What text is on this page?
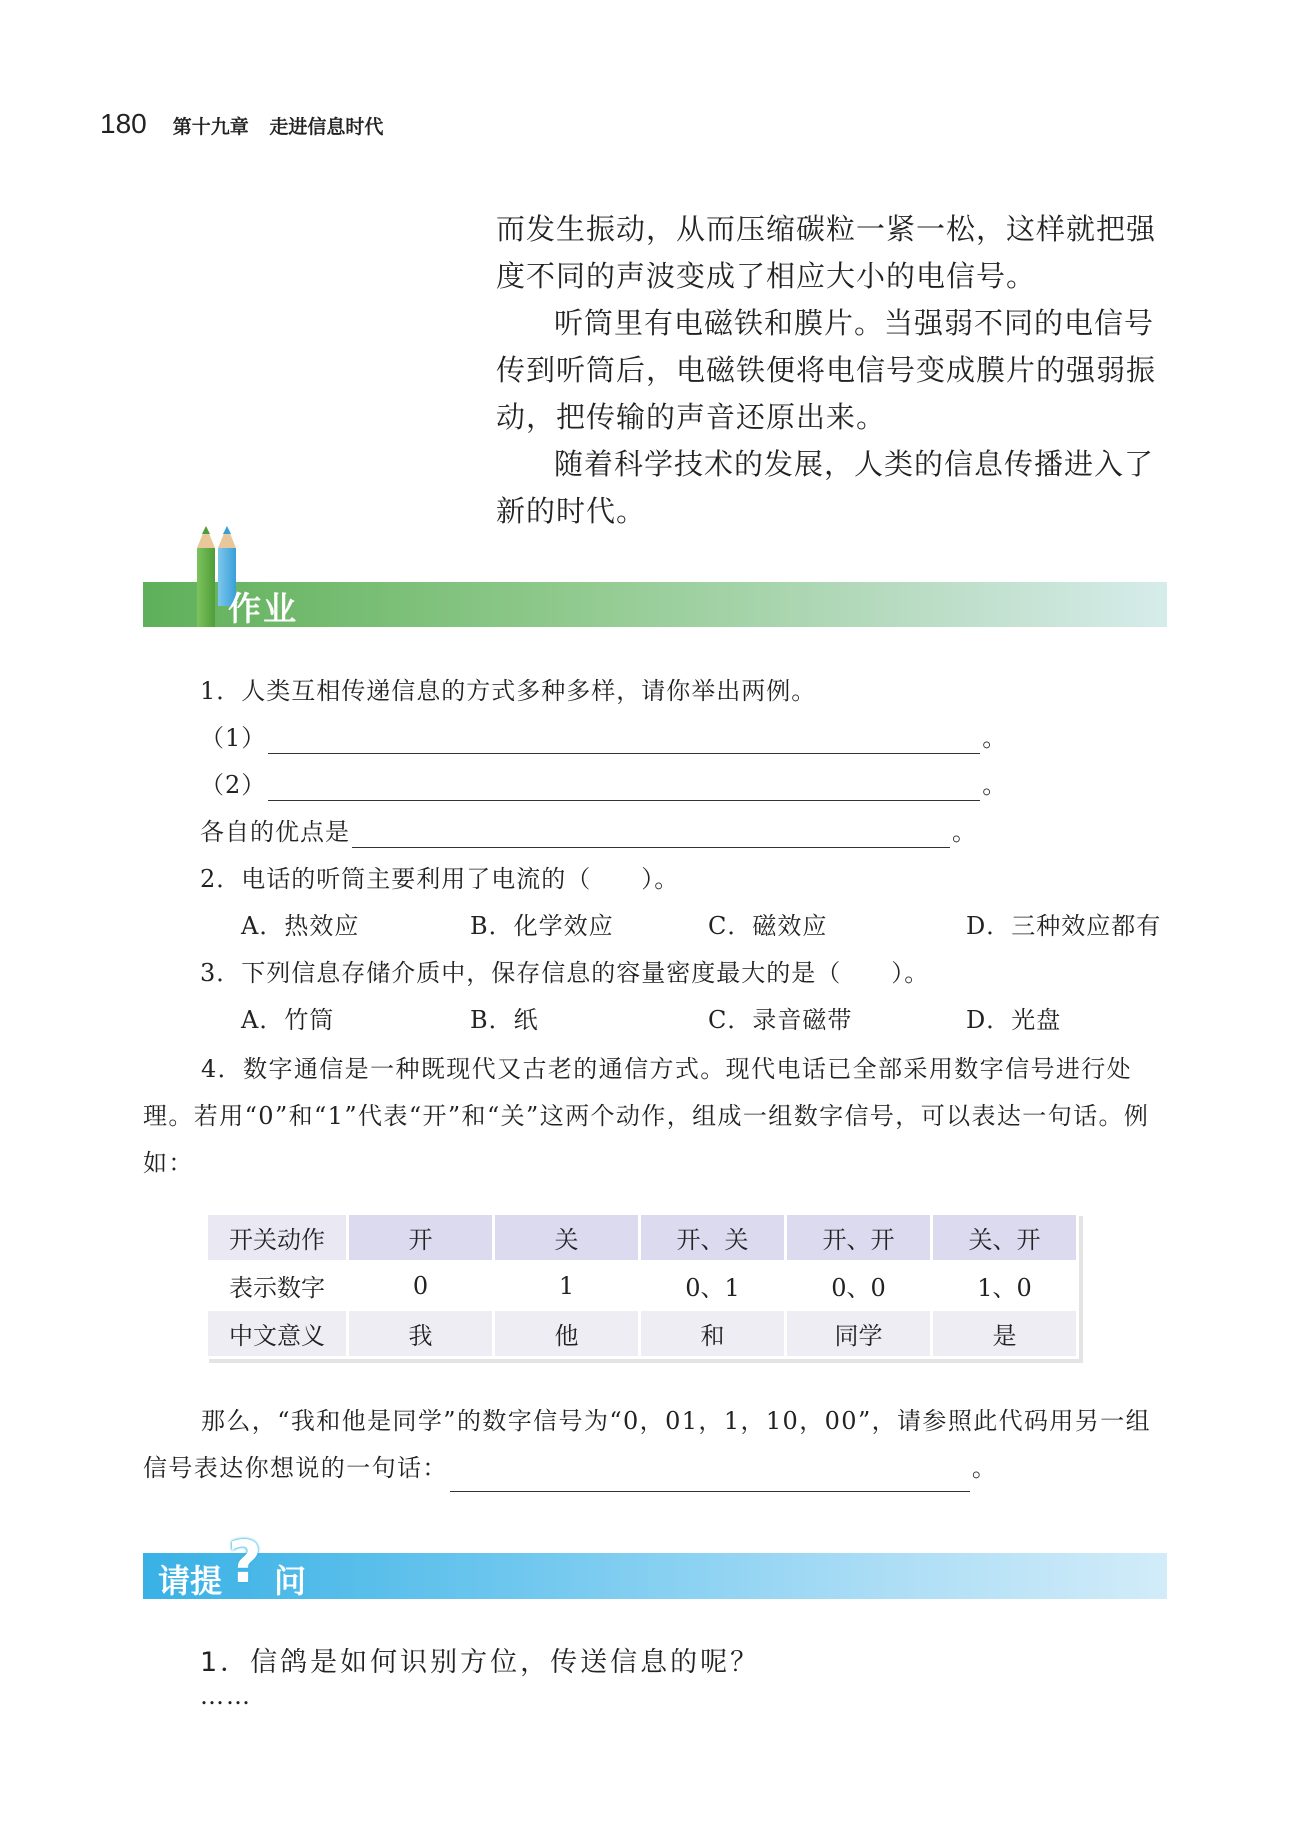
180 第十九章 走进信息时代

而发生振动，从而压缩碳粒一紧一松，这样就把强度不同的声波变成了相应大小的电信号。

听筒里有电磁铁和膜片。当强弱不同的电信号传到听筒后，电磁铁便将电信号变成膜片的强弱振动，把传输的声音还原出来。

随着科学技术的发展，人类的信息传播进入了新的时代。

作业

1．人类互相传递信息的方式多种多样，请你举出两例。

（1）	。

（2）	。

各自的优点是	。

2．电话的听筒主要利用了电流的（　　）。

A．热效应	B．化学效应	C．磁效应	D．三种效应都有

3．下列信息存储介质中，保存信息的容量密度最大的是（　　）。

A．竹筒	B．纸	C．录音磁带	D．光盘

4．数字通信是一种既现代又古老的通信方式。现代电话已全部采用数字信号进行处理。若用“0”和“1”代表“开”和“关”这两个动作，组成一组数字信号，可以表达一句话。例如：

开关动作	开	关	开、关	开、开	关、开
表示数字	0	1	0、1	0、0	1、0
中文意义	我	他	和	同学	是

那么，“我和他是同学”的数字信号为“0，01，1，10，00”，请参照此代码用另一组信号表达你想说的一句话：	。

请提 ? 问

1．信鸽是如何识别方位，传送信息的呢？

……
